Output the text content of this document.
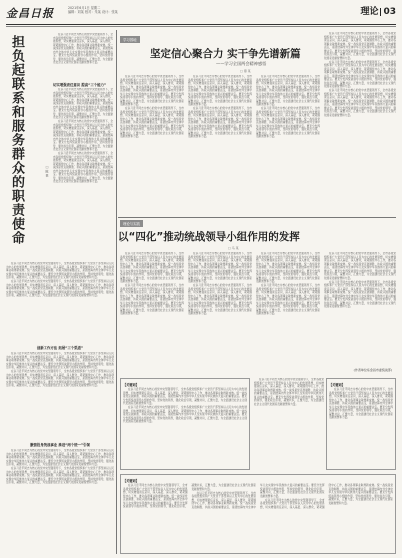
金昌日报	2021年6月1日 星期二
编辑：刘某 校对：朱某 设计：张某	理论 03
担负起联系和服务群众的职责使命	□ 陈 某

在以习近平同志为核心的党中央坚强领导下，全市各级党组织和广大党员干部坚持以人民为中心的发展思想，切实增强责任意识，深入基层、深入群众，紧紧围绕中心工作，推动各项事业取得新成效。统一战线是党克敌制胜、执政兴国的重要法宝，是团结海内外全体中华儿女实现中华民族伟大复兴的重要法宝。要充分发挥统战领导小组的作用，坚持党的领导，强化政治引领，凝聚共识，汇聚力量，为全面建设社会主义现代化国家贡献智慧和力量。

切实增强责任意识 提高“三个能力”

在以习近平同志为核心的党中央坚强领导下，全市各级党组织和广大党员干部坚持以人民为中心的发展思想，切实增强责任意识，深入基层、深入群众，紧紧围绕中心工作，推动各项事业取得新成效。统一战线是党克敌制胜、执政兴国的重要法宝，是团结海内外全体中华儿女实现中华民族伟大复兴的重要法宝。要充分发挥统战领导小组的作用，坚持党的领导，强化政治引领，凝聚共识，汇聚力量，为全面建设社会主义现代化国家贡献智慧和力量。

在以习近平同志为核心的党中央坚强领导下，全市各级党组织和广大党员干部坚持以人民为中心的发展思想，切实增强责任意识，深入基层、深入群众，紧紧围绕中心工作，推动各项事业取得新成效。统一战线是党克敌制胜、执政兴国的重要法宝，是团结海内外全体中华儿女实现中华民族伟大复兴的重要法宝。要充分发挥统战领导小组的作用，坚持党的领导，强化政治引领，凝聚共识，汇聚力量，为全面建设社会主义现代化国家贡献智慧和力量。

在以习近平同志为核心的党中央坚强领导下，全市各级党组织和广大党员干部坚持以人民为中心的发展思想，切实增强责任意识，深入基层、深入群众，紧紧围绕中心工作，推动各项事业取得新成效。统一战线是党克敌制胜、执政兴国的重要法宝，是团结海内外全体中华儿女实现中华民族伟大复兴的重要法宝。要充分发挥统战领导小组的作用，坚持党的领导，强化政治引领，凝聚共识，汇聚力量，为全面建设社会主义现代化国家贡献智慧和力量。

在以习近平同志为核心的党中央坚强领导下，全市各级党组织和广大党员干部坚持以人民为中心的发展思想，切实增强责任意识，深入基层、深入群众，紧紧围绕中心工作，推动各项事业取得新成效。统一战线是党克敌制胜、执政兴国的重要法宝，是团结海内外全体中华儿女实现中华民族伟大复兴的重要法宝。要充分发挥统战领导小组的作用，坚持党的领导，强化政治引领，凝聚共识，汇聚力量，为全面建设社会主义现代化国家贡献智慧和力量。

在以习近平同志为核心的党中央坚强领导下，全市各级党组织和广大党员干部坚持以人民为中心的发展思想，切实增强责任意识，深入基层、深入群众，紧紧围绕中心工作，推动各项事业取得新成效。统一战线是党克敌制胜、执政兴国的重要法宝，是团结海内外全体中华儿女实现中华民族伟大复兴的重要法宝。要充分发挥统战领导小组的作用，坚持党的领导，强化政治引领，凝聚共识，汇聚力量，为全面建设社会主义现代化国家贡献智慧和力量。

创新工作方法 拓展“三个渠道”

在以习近平同志为核心的党中央坚强领导下，全市各级党组织和广大党员干部坚持以人民为中心的发展思想，切实增强责任意识，深入基层、深入群众，紧紧围绕中心工作，推动各项事业取得新成效。统一战线是党克敌制胜、执政兴国的重要法宝，是团结海内外全体中华儿女实现中华民族伟大复兴的重要法宝。要充分发挥统战领导小组的作用，坚持党的领导，强化政治引领，凝聚共识，汇聚力量，为全面建设社会主义现代化国家贡献智慧和力量。

在以习近平同志为核心的党中央坚强领导下，全市各级党组织和广大党员干部坚持以人民为中心的发展思想，切实增强责任意识，深入基层、深入群众，紧紧围绕中心工作，推动各项事业取得新成效。统一战线是党克敌制胜、执政兴国的重要法宝，是团结海内外全体中华儿女实现中华民族伟大复兴的重要法宝。要充分发挥统战领导小组的作用，坚持党的领导，强化政治引领，凝聚共识，汇聚力量，为全面建设社会主义现代化国家贡献智慧和力量。

激情投身统战事业 推进“两个统一”引领

在以习近平同志为核心的党中央坚强领导下，全市各级党组织和广大党员干部坚持以人民为中心的发展思想，切实增强责任意识，深入基层、深入群众，紧紧围绕中心工作，推动各项事业取得新成效。统一战线是党克敌制胜、执政兴国的重要法宝，是团结海内外全体中华儿女实现中华民族伟大复兴的重要法宝。要充分发挥统战领导小组的作用，坚持党的领导，强化政治引领，凝聚共识，汇聚力量，为全面建设社会主义现代化国家贡献智慧和力量。

在以习近平同志为核心的党中央坚强领导下，全市各级党组织和广大党员干部坚持以人民为中心的发展思想，切实增强责任意识，深入基层、深入群众，紧紧围绕中心工作，推动各项事业取得新成效。统一战线是党克敌制胜、执政兴国的重要法宝，是团结海内外全体中华儿女实现中华民族伟大复兴的重要法宝。要充分发挥统战领导小组的作用，坚持党的领导，强化政治引领，凝聚共识，汇聚力量，为全面建设社会主义现代化国家贡献智慧和力量。

学习园地
坚定信心聚合力 实干争先谱新篇
——学习全国两会精神感悟
□ 谭 某

在以习近平同志为核心的党中央坚强领导下，全市各级党组织和广大党员干部坚持以人民为中心的发展思想，切实增强责任意识，深入基层、深入群众，紧紧围绕中心工作，推动各项事业取得新成效。统一战线是党克敌制胜、执政兴国的重要法宝，是团结海内外全体中华儿女实现中华民族伟大复兴的重要法宝。要充分发挥统战领导小组的作用，坚持党的领导，强化政治引领，凝聚共识，汇聚力量，为全面建设社会主义现代化国家贡献智慧和力量。

在以习近平同志为核心的党中央坚强领导下，全市各级党组织和广大党员干部坚持以人民为中心的发展思想，切实增强责任意识，深入基层、深入群众，紧紧围绕中心工作，推动各项事业取得新成效。统一战线是党克敌制胜、执政兴国的重要法宝，是团结海内外全体中华儿女实现中华民族伟大复兴的重要法宝。要充分发挥统战领导小组的作用，坚持党的领导，强化政治引领，凝聚共识，汇聚力量，为全面建设社会主义现代化国家贡献智慧和力量。

在以习近平同志为核心的党中央坚强领导下，全市各级党组织和广大党员干部坚持以人民为中心的发展思想，切实增强责任意识，深入基层、深入群众，紧紧围绕中心工作，推动各项事业取得新成效。统一战线是党克敌制胜、执政兴国的重要法宝，是团结海内外全体中华儿女实现中华民族伟大复兴的重要法宝。要充分发挥统战领导小组的作用，坚持党的领导，强化政治引领，凝聚共识，汇聚力量，为全面建设社会主义现代化国家贡献智慧和力量。

在以习近平同志为核心的党中央坚强领导下，全市各级党组织和广大党员干部坚持以人民为中心的发展思想，切实增强责任意识，深入基层、深入群众，紧紧围绕中心工作，推动各项事业取得新成效。统一战线是党克敌制胜、执政兴国的重要法宝，是团结海内外全体中华儿女实现中华民族伟大复兴的重要法宝。要充分发挥统战领导小组的作用，坚持党的领导，强化政治引领，凝聚共识，汇聚力量，为全面建设社会主义现代化国家贡献智慧和力量。

在以习近平同志为核心的党中央坚强领导下，全市各级党组织和广大党员干部坚持以人民为中心的发展思想，切实增强责任意识，深入基层、深入群众，紧紧围绕中心工作，推动各项事业取得新成效。统一战线是党克敌制胜、执政兴国的重要法宝，是团结海内外全体中华儿女实现中华民族伟大复兴的重要法宝。要充分发挥统战领导小组的作用，坚持党的领导，强化政治引领，凝聚共识，汇聚力量，为全面建设社会主义现代化国家贡献智慧和力量。

在以习近平同志为核心的党中央坚强领导下，全市各级党组织和广大党员干部坚持以人民为中心的发展思想，切实增强责任意识，深入基层、深入群众，紧紧围绕中心工作，推动各项事业取得新成效。统一战线是党克敌制胜、执政兴国的重要法宝，是团结海内外全体中华儿女实现中华民族伟大复兴的重要法宝。要充分发挥统战领导小组的作用，坚持党的领导，强化政治引领，凝聚共识，汇聚力量，为全面建设社会主义现代化国家贡献智慧和力量。

在以习近平同志为核心的党中央坚强领导下，全市各级党组织和广大党员干部坚持以人民为中心的发展思想，切实增强责任意识，深入基层、深入群众，紧紧围绕中心工作，推动各项事业取得新成效。统一战线是党克敌制胜、执政兴国的重要法宝，是团结海内外全体中华儿女实现中华民族伟大复兴的重要法宝。要充分发挥统战领导小组的作用，坚持党的领导，强化政治引领，凝聚共识，汇聚力量，为全面建设社会主义现代化国家贡献智慧和力量。

在以习近平同志为核心的党中央坚强领导下，全市各级党组织和广大党员干部坚持以人民为中心的发展思想，切实增强责任意识，深入基层、深入群众，紧紧围绕中心工作，推动各项事业取得新成效。统一战线是党克敌制胜、执政兴国的重要法宝，是团结海内外全体中华儿女实现中华民族伟大复兴的重要法宝。要充分发挥统战领导小组的作用，坚持党的领导，强化政治引领，凝聚共识，汇聚力量，为全面建设社会主义现代化国家贡献智慧和力量。

在以习近平同志为核心的党中央坚强领导下，全市各级党组织和广大党员干部坚持以人民为中心的发展思想，切实增强责任意识，深入基层、深入群众，紧紧围绕中心工作，推动各项事业取得新成效。统一战线是党克敌制胜、执政兴国的重要法宝，是团结海内外全体中华儿女实现中华民族伟大复兴的重要法宝。要充分发挥统战领导小组的作用，坚持党的领导，强化政治引领，凝聚共识，汇聚力量，为全面建设社会主义现代化国家贡献智慧和力量。

理论与实践
以“四化”推动统战领导小组作用的发挥
□ 马 某

在以习近平同志为核心的党中央坚强领导下，全市各级党组织和广大党员干部坚持以人民为中心的发展思想，切实增强责任意识，深入基层、深入群众，紧紧围绕中心工作，推动各项事业取得新成效。统一战线是党克敌制胜、执政兴国的重要法宝，是团结海内外全体中华儿女实现中华民族伟大复兴的重要法宝。要充分发挥统战领导小组的作用，坚持党的领导，强化政治引领，凝聚共识，汇聚力量，为全面建设社会主义现代化国家贡献智慧和力量。

在以习近平同志为核心的党中央坚强领导下，全市各级党组织和广大党员干部坚持以人民为中心的发展思想，切实增强责任意识，深入基层、深入群众，紧紧围绕中心工作，推动各项事业取得新成效。统一战线是党克敌制胜、执政兴国的重要法宝，是团结海内外全体中华儿女实现中华民族伟大复兴的重要法宝。要充分发挥统战领导小组的作用，坚持党的领导，强化政治引领，凝聚共识，汇聚力量，为全面建设社会主义现代化国家贡献智慧和力量。

在以习近平同志为核心的党中央坚强领导下，全市各级党组织和广大党员干部坚持以人民为中心的发展思想，切实增强责任意识，深入基层、深入群众，紧紧围绕中心工作，推动各项事业取得新成效。统一战线是党克敌制胜、执政兴国的重要法宝，是团结海内外全体中华儿女实现中华民族伟大复兴的重要法宝。要充分发挥统战领导小组的作用，坚持党的领导，强化政治引领，凝聚共识，汇聚力量，为全面建设社会主义现代化国家贡献智慧和力量。

在以习近平同志为核心的党中央坚强领导下，全市各级党组织和广大党员干部坚持以人民为中心的发展思想，切实增强责任意识，深入基层、深入群众，紧紧围绕中心工作，推动各项事业取得新成效。统一战线是党克敌制胜、执政兴国的重要法宝，是团结海内外全体中华儿女实现中华民族伟大复兴的重要法宝。要充分发挥统战领导小组的作用，坚持党的领导，强化政治引领，凝聚共识，汇聚力量，为全面建设社会主义现代化国家贡献智慧和力量。

在以习近平同志为核心的党中央坚强领导下，全市各级党组织和广大党员干部坚持以人民为中心的发展思想，切实增强责任意识，深入基层、深入群众，紧紧围绕中心工作，推动各项事业取得新成效。统一战线是党克敌制胜、执政兴国的重要法宝，是团结海内外全体中华儿女实现中华民族伟大复兴的重要法宝。要充分发挥统战领导小组的作用，坚持党的领导，强化政治引领，凝聚共识，汇聚力量，为全面建设社会主义现代化国家贡献智慧和力量。

在以习近平同志为核心的党中央坚强领导下，全市各级党组织和广大党员干部坚持以人民为中心的发展思想，切实增强责任意识，深入基层、深入群众，紧紧围绕中心工作，推动各项事业取得新成效。统一战线是党克敌制胜、执政兴国的重要法宝，是团结海内外全体中华儿女实现中华民族伟大复兴的重要法宝。要充分发挥统战领导小组的作用，坚持党的领导，强化政治引领，凝聚共识，汇聚力量，为全面建设社会主义现代化国家贡献智慧和力量。

在以习近平同志为核心的党中央坚强领导下，全市各级党组织和广大党员干部坚持以人民为中心的发展思想，切实增强责任意识，深入基层、深入群众，紧紧围绕中心工作，推动各项事业取得新成效。统一战线是党克敌制胜、执政兴国的重要法宝，是团结海内外全体中华儿女实现中华民族伟大复兴的重要法宝。要充分发挥统战领导小组的作用，坚持党的领导，强化政治引领，凝聚共识，汇聚力量，为全面建设社会主义现代化国家贡献智慧和力量。

在以习近平同志为核心的党中央坚强领导下，全市各级党组织和广大党员干部坚持以人民为中心的发展思想，切实增强责任意识，深入基层、深入群众，紧紧围绕中心工作，推动各项事业取得新成效。统一战线是党克敌制胜、执政兴国的重要法宝，是团结海内外全体中华儿女实现中华民族伟大复兴的重要法宝。要充分发挥统战领导小组的作用，坚持党的领导，强化政治引领，凝聚共识，汇聚力量，为全面建设社会主义现代化国家贡献智慧和力量。

(作者单位系金昌市委统战部)
【关键词】

在以习近平同志为核心的党中央坚强领导下，全市各级党组织和广大党员干部坚持以人民为中心的发展思想，切实增强责任意识，深入基层、深入群众，紧紧围绕中心工作，推动各项事业取得新成效。统一战线是党克敌制胜、执政兴国的重要法宝，是团结海内外全体中华儿女实现中华民族伟大复兴的重要法宝。要充分发挥统战领导小组的作用，坚持党的领导，强化政治引领，凝聚共识，汇聚力量，为全面建设社会主义现代化国家贡献智慧和力量。

在以习近平同志为核心的党中央坚强领导下，全市各级党组织和广大党员干部坚持以人民为中心的发展思想，切实增强责任意识，深入基层、深入群众，紧紧围绕中心工作，推动各项事业取得新成效。统一战线是党克敌制胜、执政兴国的重要法宝，是团结海内外全体中华儿女实现中华民族伟大复兴的重要法宝。要充分发挥统战领导小组的作用，坚持党的领导，强化政治引领，凝聚共识，汇聚力量，为全面建设社会主义现代化国家贡献智慧和力量。

在以习近平同志为核心的党中央坚强领导下，全市各级党组织和广大党员干部坚持以人民为中心的发展思想，切实增强责任意识，深入基层、深入群众，紧紧围绕中心工作，推动各项事业取得新成效。统一战线是党克敌制胜、执政兴国的重要法宝，是团结海内外全体中华儿女实现中华民族伟大复兴的重要法宝。要充分发挥统战领导小组的作用，坚持党的领导，强化政治引领，凝聚共识，汇聚力量，为全面建设社会主义现代化国家贡献智慧和力量。

【关键词】

在以习近平同志为核心的党中央坚强领导下，全市各级党组织和广大党员干部坚持以人民为中心的发展思想，切实增强责任意识，深入基层、深入群众，紧紧围绕中心工作，推动各项事业取得新成效。统一战线是党克敌制胜、执政兴国的重要法宝，是团结海内外全体中华儿女实现中华民族伟大复兴的重要法宝。要充分发挥统战领导小组的作用，坚持党的领导，强化政治引领，凝聚共识，汇聚力量，为全面建设社会主义现代化国家贡献智慧和力量。

【关键词】

在以习近平同志为核心的党中央坚强领导下，全市各级党组织和广大党员干部坚持以人民为中心的发展思想，切实增强责任意识，深入基层、深入群众，紧紧围绕中心工作，推动各项事业取得新成效。统一战线是党克敌制胜、执政兴国的重要法宝，是团结海内外全体中华儿女实现中华民族伟大复兴的重要法宝。要充分发挥统战领导小组的作用，坚持党的领导，强化政治引领，凝聚共识，汇聚力量，为全面建设社会主义现代化国家贡献智慧和力量。

在以习近平同志为核心的党中央坚强领导下，全市各级党组织和广大党员干部坚持以人民为中心的发展思想，切实增强责任意识，深入基层、深入群众，紧紧围绕中心工作，推动各项事业取得新成效。统一战线是党克敌制胜、执政兴国的重要法宝，是团结海内外全体中华儿女实现中华民族伟大复兴的重要法宝。要充分发挥统战领导小组的作用，坚持党的领导，强化政治引领，凝聚共识，汇聚力量，为全面建设社会主义现代化国家贡献智慧和力量。

在以习近平同志为核心的党中央坚强领导下，全市各级党组织和广大党员干部坚持以人民为中心的发展思想，切实增强责任意识，深入基层、深入群众，紧紧围绕中心工作，推动各项事业取得新成效。统一战线是党克敌制胜、执政兴国的重要法宝，是团结海内外全体中华儿女实现中华民族伟大复兴的重要法宝。要充分发挥统战领导小组的作用，坚持党的领导，强化政治引领，凝聚共识，汇聚力量，为全面建设社会主义现代化国家贡献智慧和力量。
